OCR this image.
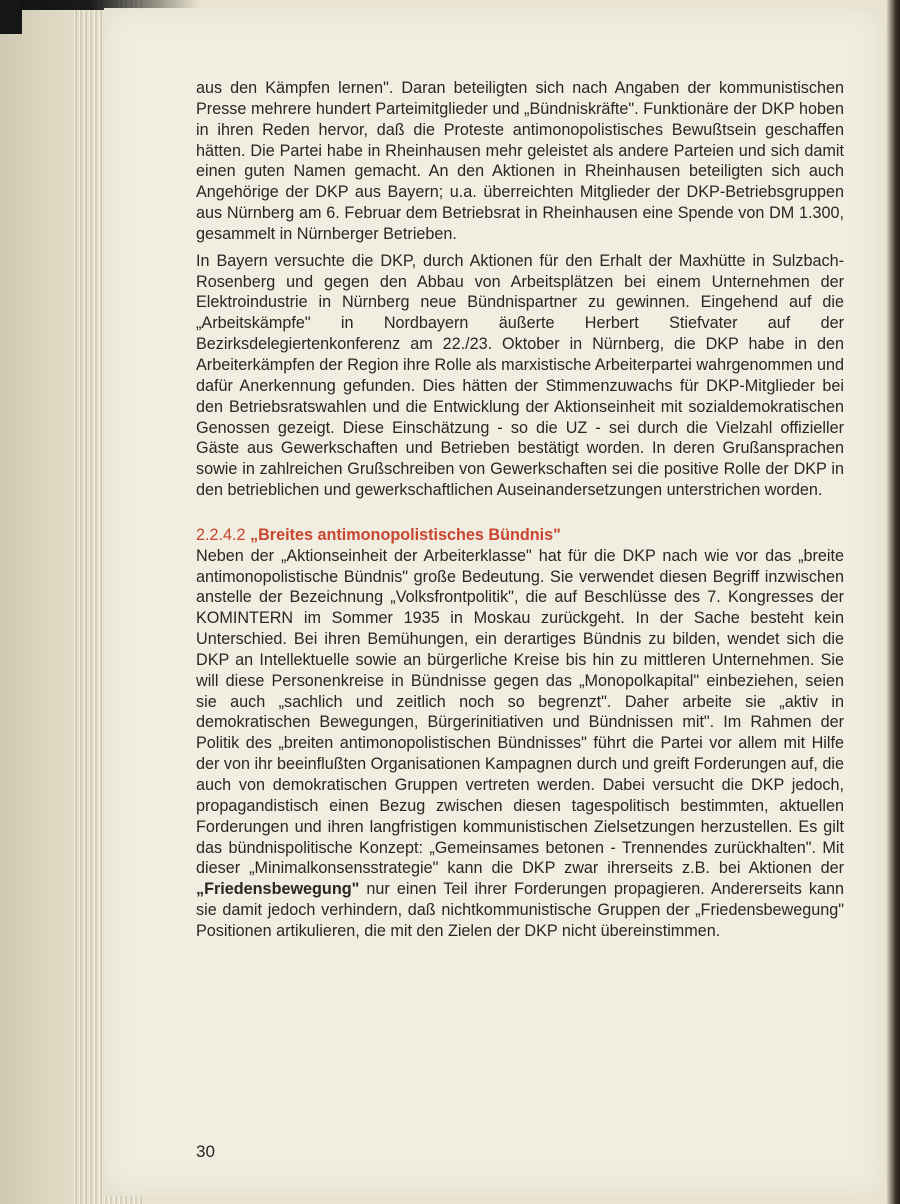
aus den Kämpfen lernen". Daran beteiligten sich nach Angaben der kommunistischen Presse mehrere hundert Parteimitglieder und „Bündniskräfte". Funktionäre der DKP hoben in ihren Reden hervor, daß die Proteste antimonopolistisches Bewußtsein geschaffen hätten. Die Partei habe in Rheinhausen mehr geleistet als andere Parteien und sich damit einen guten Namen gemacht. An den Aktionen in Rheinhausen beteiligten sich auch Angehörige der DKP aus Bayern; u.a. überreichten Mitglieder der DKP-Betriebsgruppen aus Nürnberg am 6. Februar dem Betriebsrat in Rheinhausen eine Spende von DM 1.300, gesammelt in Nürnberger Betrieben.

In Bayern versuchte die DKP, durch Aktionen für den Erhalt der Maxhütte in Sulzbach-Rosenberg und gegen den Abbau von Arbeitsplätzen bei einem Unternehmen der Elektroindustrie in Nürnberg neue Bündnispartner zu gewinnen. Eingehend auf die „Arbeitskämpfe" in Nordbayern äußerte Herbert Stiefvater auf der Bezirksdelegiertenkonferenz am 22./23. Oktober in Nürnberg, die DKP habe in den Arbeiterkämpfen der Region ihre Rolle als marxistische Arbeiterpartei wahrgenommen und dafür Anerkennung gefunden. Dies hätten der Stimmenzuwachs für DKP-Mitglieder bei den Betriebsratswahlen und die Entwicklung der Aktionseinheit mit sozialdemokratischen Genossen gezeigt. Diese Einschätzung - so die UZ - sei durch die Vielzahl offizieller Gäste aus Gewerkschaften und Betrieben bestätigt worden. In deren Grußansprachen sowie in zahlreichen Grußschreiben von Gewerkschaften sei die positive Rolle der DKP in den betrieblichen und gewerkschaftlichen Auseinandersetzungen unterstrichen worden.

2.2.4.2 „Breites antimonopolistisches Bündnis"

Neben der „Aktionseinheit der Arbeiterklasse" hat für die DKP nach wie vor das „breite antimonopolistische Bündnis" große Bedeutung. Sie verwendet diesen Begriff inzwischen anstelle der Bezeichnung „Volksfrontpolitik", die auf Beschlüsse des 7. Kongresses der KOMINTERN im Sommer 1935 in Moskau zurückgeht. In der Sache besteht kein Unterschied. Bei ihren Bemühungen, ein derartiges Bündnis zu bilden, wendet sich die DKP an Intellektuelle sowie an bürgerliche Kreise bis hin zu mittleren Unternehmen. Sie will diese Personenkreise in Bündnisse gegen das „Monopolkapital" einbeziehen, seien sie auch „sachlich und zeitlich noch so begrenzt". Daher arbeite sie „aktiv in demokratischen Bewegungen, Bürgerinitiativen und Bündnissen mit". Im Rahmen der Politik des „breiten antimonopolistischen Bündnisses" führt die Partei vor allem mit Hilfe der von ihr beeinflußten Organisationen Kampagnen durch und greift Forderungen auf, die auch von demokratischen Gruppen vertreten werden. Dabei versucht die DKP jedoch, propagandistisch einen Bezug zwischen diesen tagespolitisch bestimmten, aktuellen Forderungen und ihren langfristigen kommunistischen Zielsetzungen herzustellen. Es gilt das bündnispolitische Konzept: „Gemeinsames betonen - Trennendes zurückhalten". Mit dieser „Minimalkonsensstrategie" kann die DKP zwar ihrerseits z.B. bei Aktionen der „Friedensbewegung" nur einen Teil ihrer Forderungen propagieren. Andererseits kann sie damit jedoch verhindern, daß nichtkommunistische Gruppen der „Friedensbewegung" Positionen artikulieren, die mit den Zielen der DKP nicht übereinstimmen.

30
